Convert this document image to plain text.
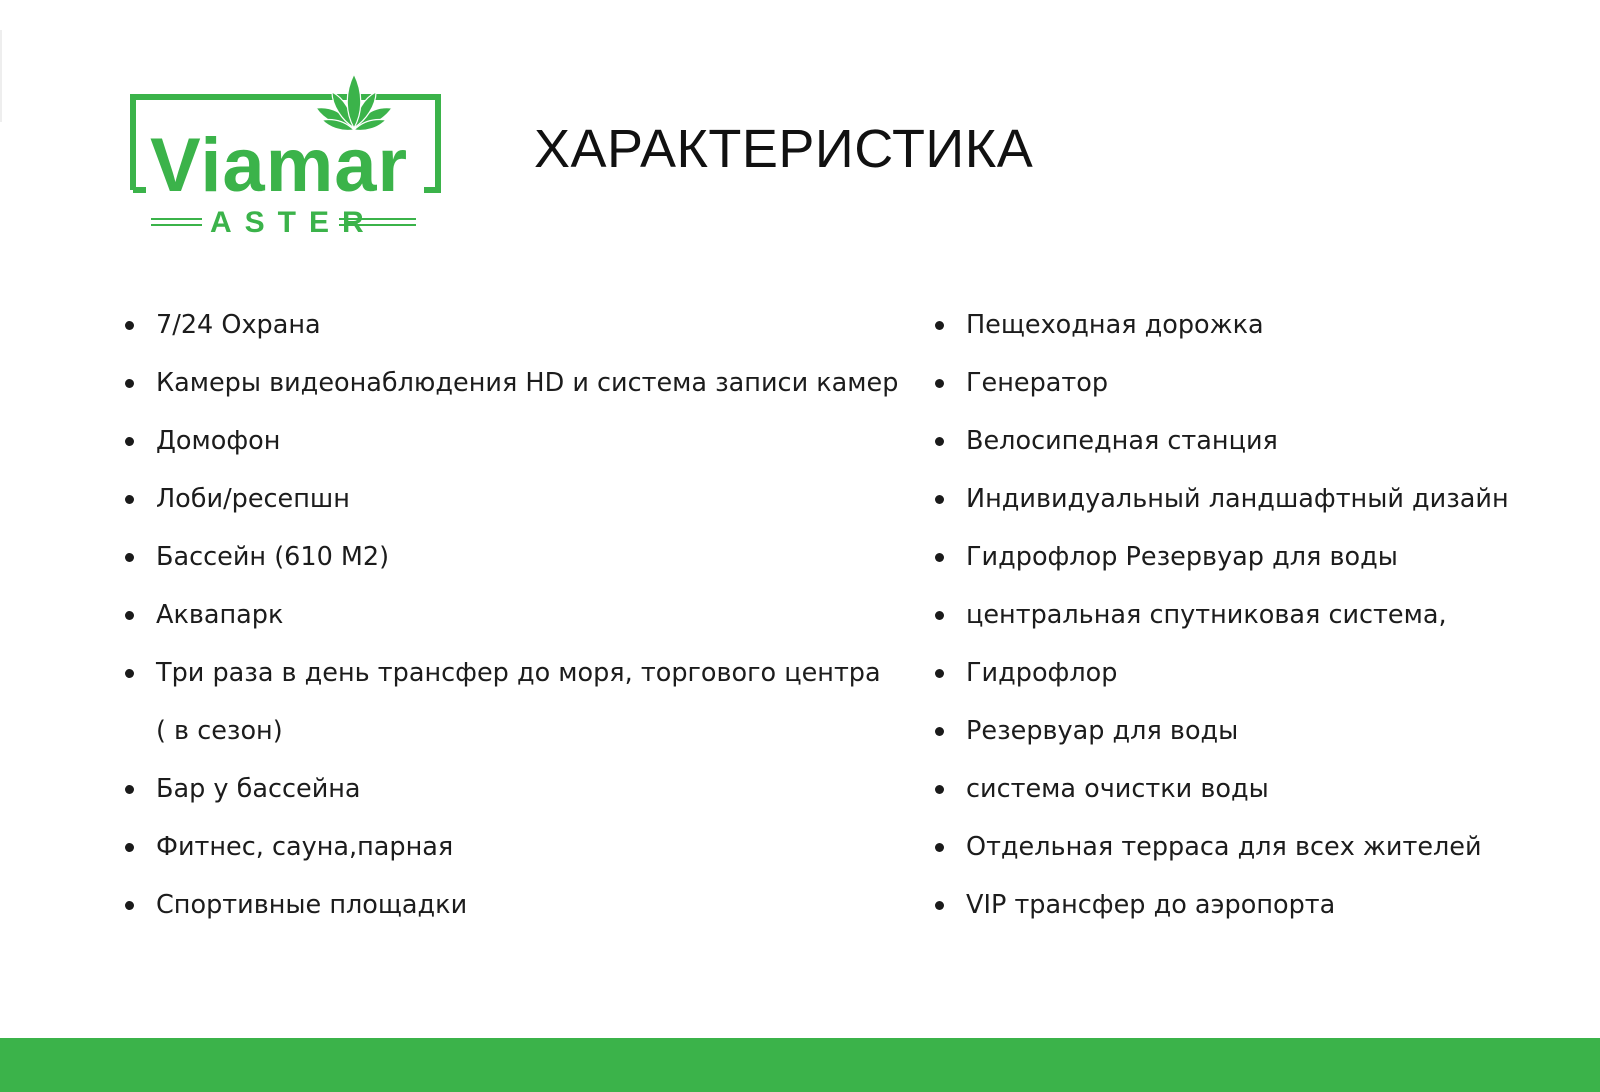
Viamar
ASTER
ХАРАКТЕРИСТИКА
7/24 Охрана
Камеры видеонаблюдения HD и система записи камер
Домофон
Лоби/ресепшн
Бассейн (610 М2)
Аквапарк
Три раза в день трансфер до моря, торгового центра ( в сезон)
Бар у бассейна
Фитнес, сауна,парная
Спортивные площадки
Пещеходная дорожка
Генератор
Велосипедная станция
Индивидуальный ландшафтный дизайн
Гидрофлор Резервуар для воды
центральная спутниковая система,
Гидрофлор
Резервуар для воды
система очистки воды
Отдельная терраса для всех жителей
VIP трансфер до аэропорта
